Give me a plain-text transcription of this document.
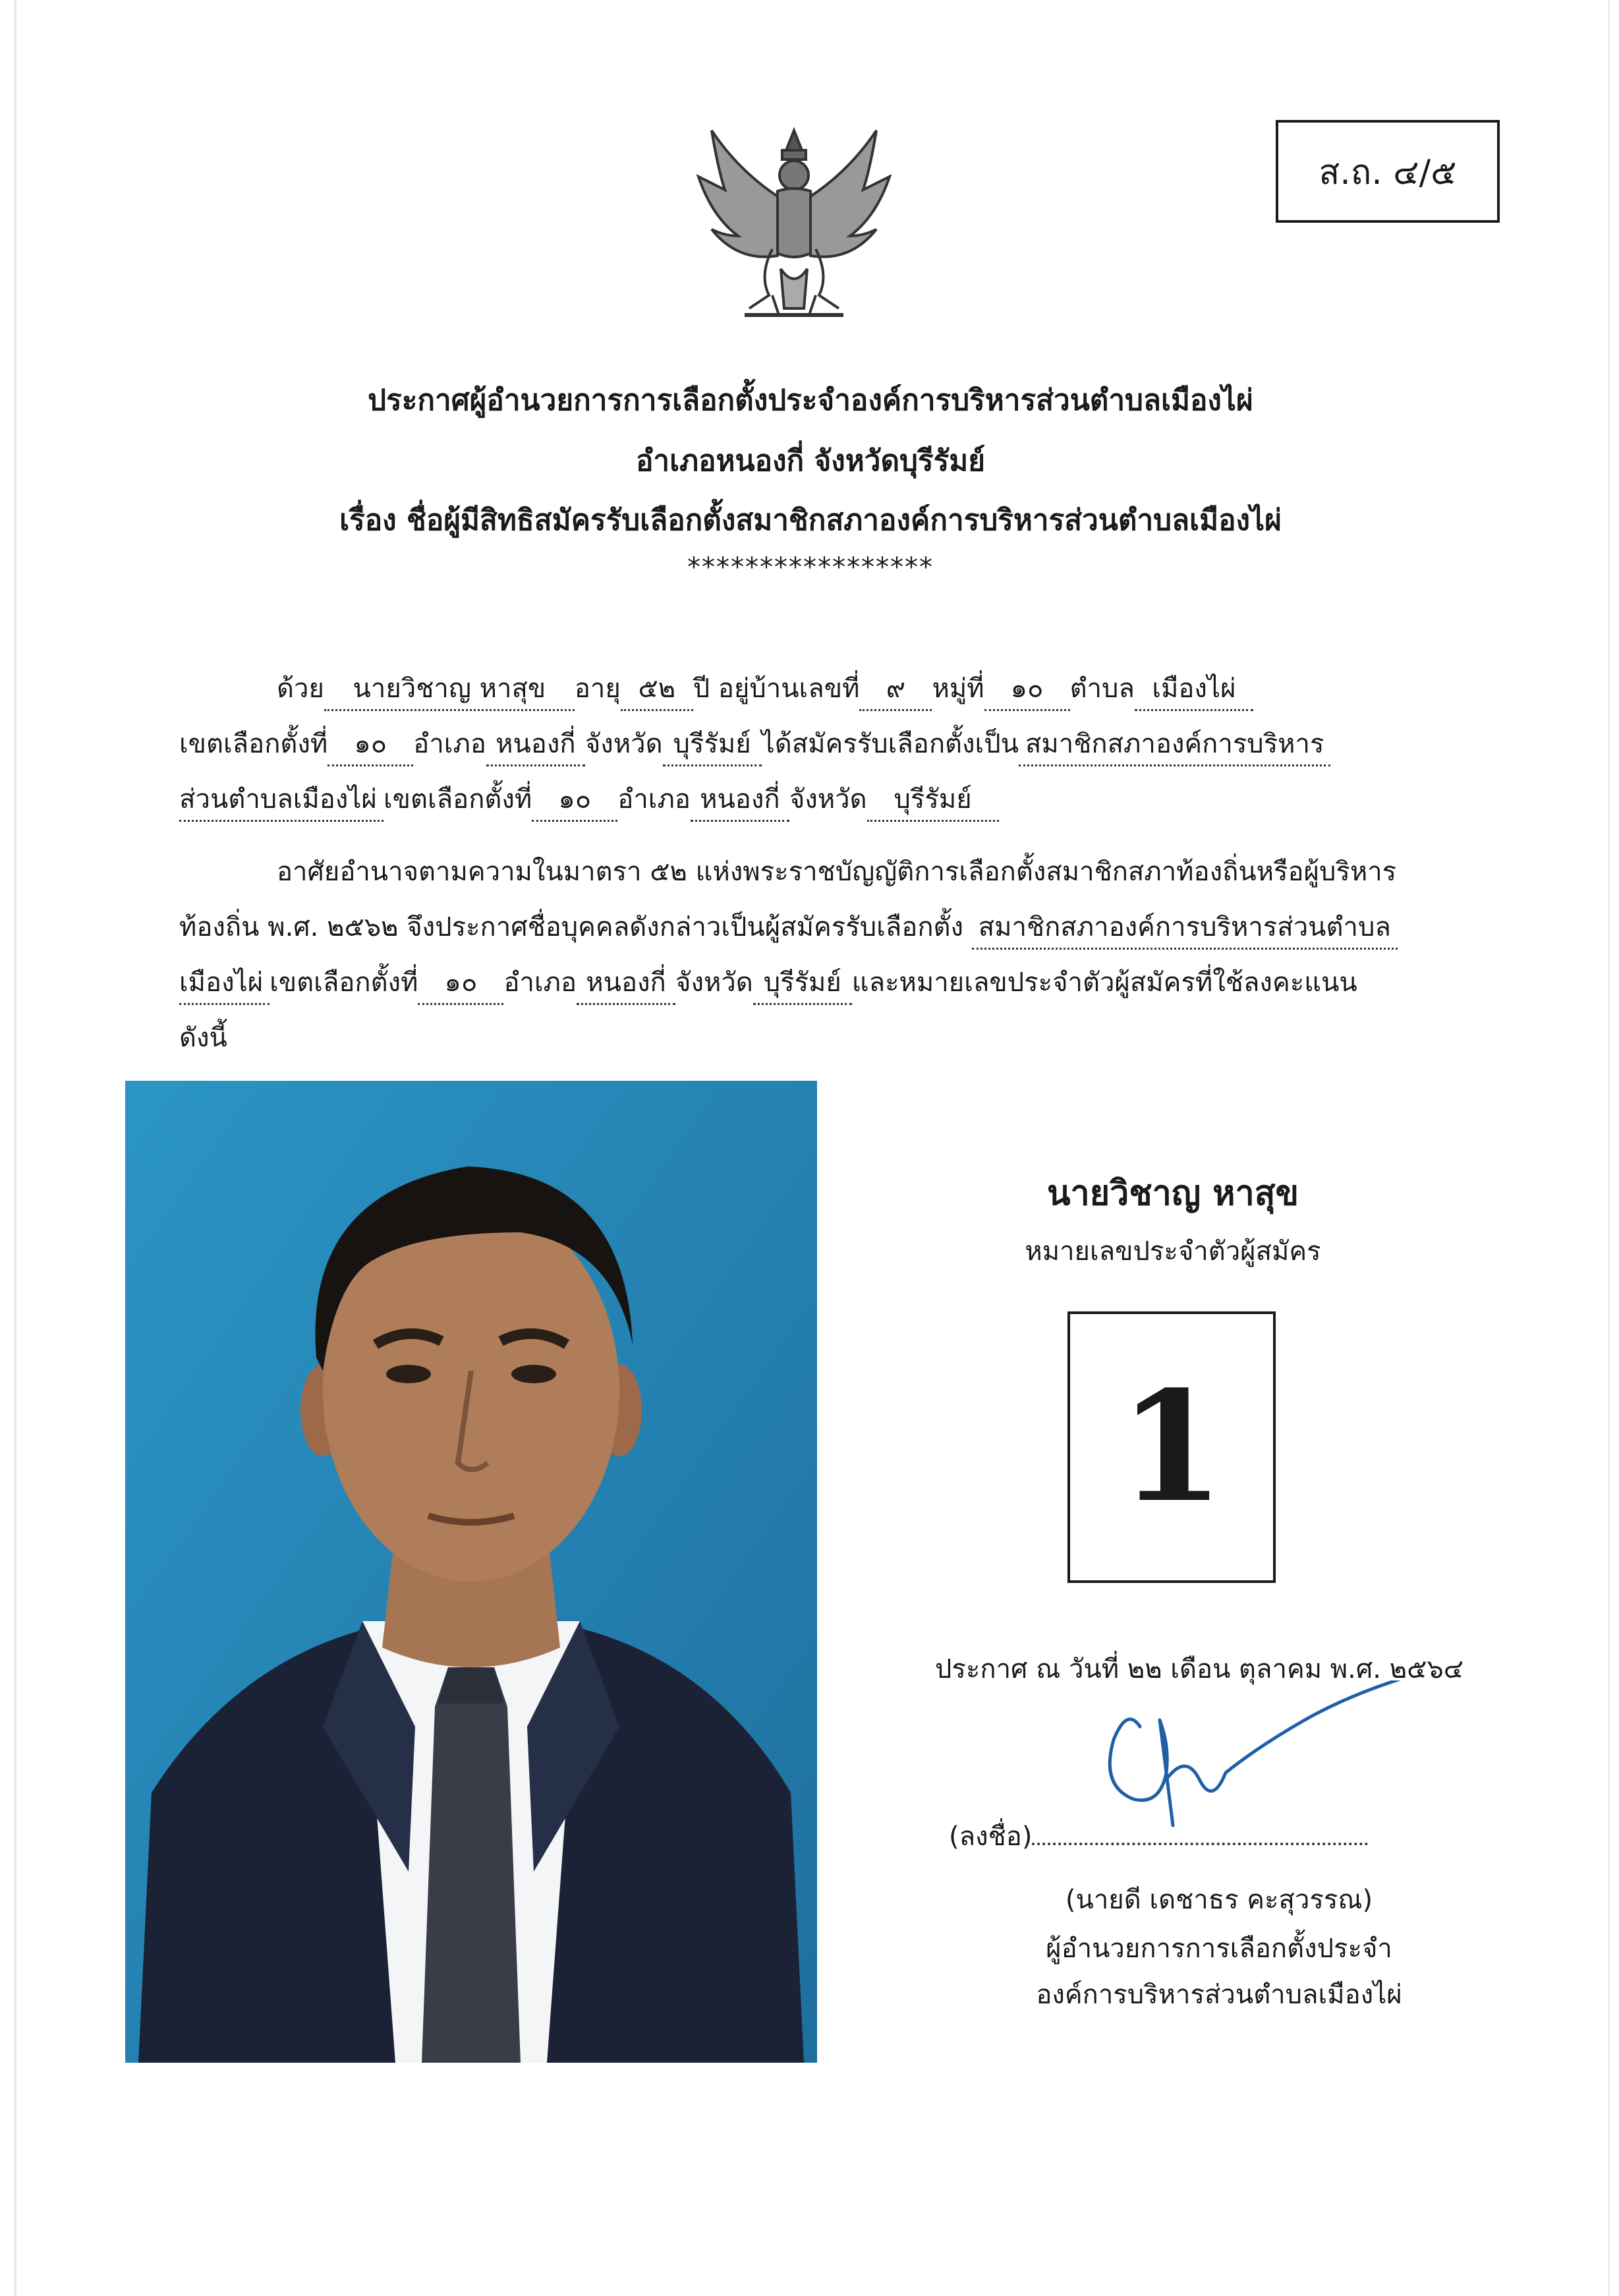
ส.ถ. ๔/๕
ประกาศผู้อำนวยการการเลือกตั้งประจำองค์การบริหารส่วนตำบลเมืองไผ่
อำเภอหนองกี่ จังหวัดบุรีรัมย์
เรื่อง ชื่อผู้มีสิทธิสมัครรับเลือกตั้งสมาชิกสภาองค์การบริหารส่วนตำบลเมืองไผ่
*****************
ด้วย นายวิชาญ หาสุข อายุ ๕๒ ปี อยู่บ้านเลขที่ ๙ หมู่ที่ ๑๐ ตำบล เมืองไผ่
เขตเลือกตั้งที่ ๑๐ อำเภอ หนองกี่ จังหวัด บุรีรัมย์ ได้สมัครรับเลือกตั้งเป็น สมาชิกสภาองค์การบริหาร
ส่วนตำบลเมืองไผ่ เขตเลือกตั้งที่ ๑๐ อำเภอ หนองกี่ จังหวัด บุรีรัมย์
อาศัยอำนาจตามความในมาตรา ๕๒ แห่งพระราชบัญญัติการเลือกตั้งสมาชิกสภาท้องถิ่นหรือผู้บริหาร
ท้องถิ่น พ.ศ. ๒๕๖๒ จึงประกาศชื่อบุคคลดังกล่าวเป็นผู้สมัครรับเลือกตั้ง สมาชิกสภาองค์การบริหารส่วนตำบล
เมืองไผ่ เขตเลือกตั้งที่ ๑๐ อำเภอ หนองกี่ จังหวัด บุรีรัมย์ และหมายเลขประจำตัวผู้สมัครที่ใช้ลงคะแนน
ดังนี้
นายวิชาญ หาสุข
หมายเลขประจำตัวผู้สมัคร
1
ประกาศ ณ วันที่ ๒๒ เดือน ตุลาคม พ.ศ. ๒๕๖๔
(ลงชื่อ)
(นายดี เดชาธร คะสุวรรณ)
ผู้อำนวยการการเลือกตั้งประจำ
องค์การบริหารส่วนตำบลเมืองไผ่
